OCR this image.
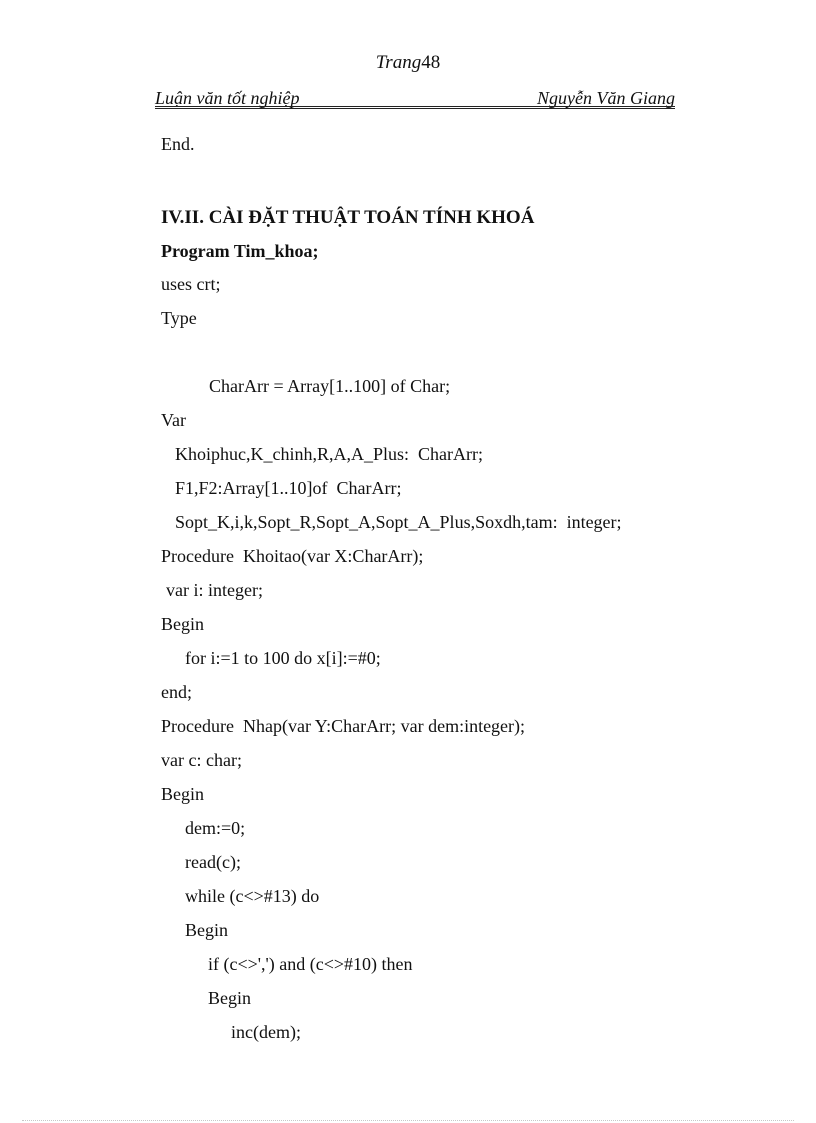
Trang48
Luận văn tốt nghiệp	Nguyễn Văn Giang
End.
IV.II. CÀI ĐẶT THUẬT TOÁN TÍNH KHOÁ
Program Tim_khoa;
uses crt;
Type
CharArr = Array[1..100] of Char;
Var
Khoiphuc,K_chinh,R,A,A_Plus:  CharArr;
F1,F2:Array[1..10]of  CharArr;
Sopt_K,i,k,Sopt_R,Sopt_A,Sopt_A_Plus,Soxdh,tam:  integer;
Procedure  Khoitao(var X:CharArr);
var i: integer;
Begin
for i:=1 to 100 do x[i]:=#0;
end;
Procedure  Nhap(var Y:CharArr; var dem:integer);
var c: char;
Begin
dem:=0;
read(c);
while (c<>#13) do
Begin
if (c<>',') and (c<>#10) then
Begin
inc(dem);
